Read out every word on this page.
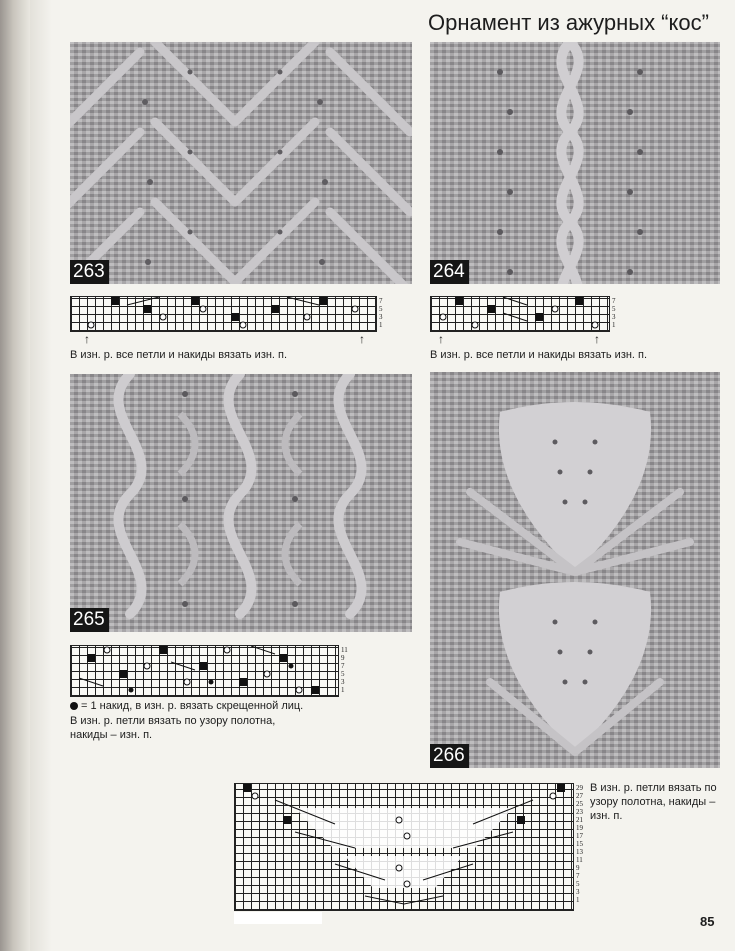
Орнамент из ажурных “кос”
263	264
7
5
3
1
↑	↑
В изн. р. все петли и накиды вязать изн. п.
7
5
3
1
↑	↑
В изн. р. все петли и накиды вязать изн. п.
265
266
11
9
7
5
3
1
= 1 накид, в изн. р. вязать скрещенной лиц.
В изн. р. петли вязать по узору полотна,
накиды – изн. п.
29
27
25
23
21
19
17
15
13
11
9
7
5
3
1
В изн. р. петли вязать по
узору полотна, накиды –
изн. п.
85
